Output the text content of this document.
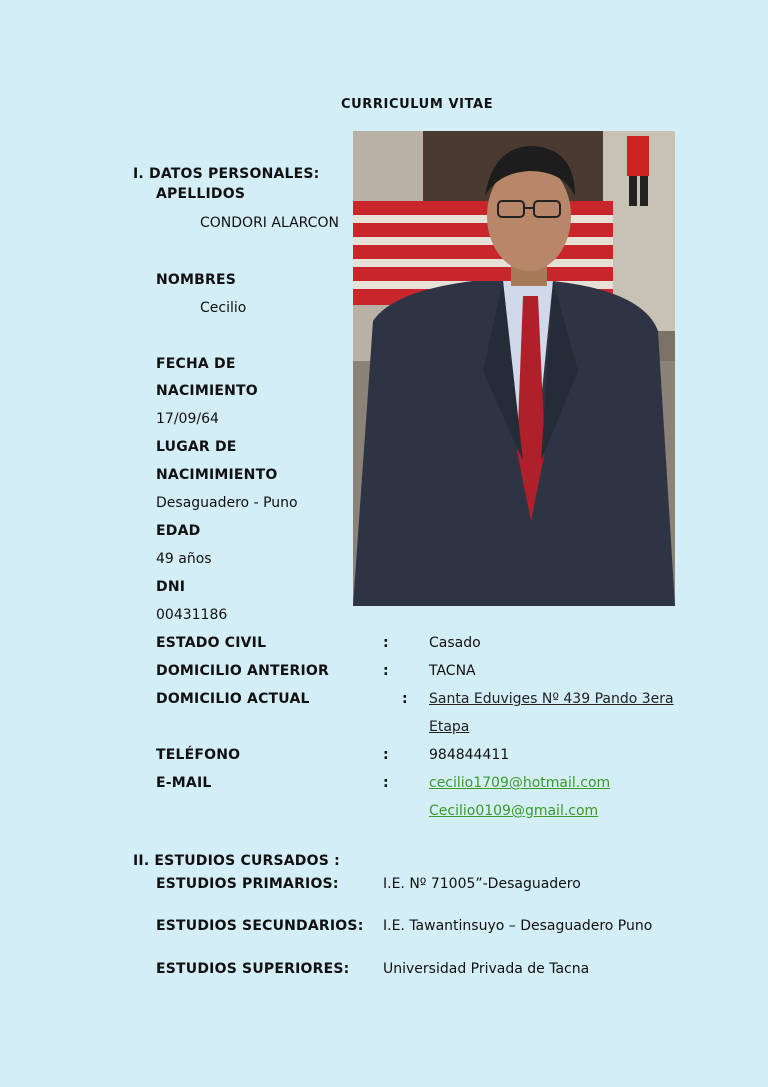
CURRICULUM VITAE
I. DATOS PERSONALES:
APELLIDOS
CONDORI ALARCON
NOMBRES
Cecilio
FECHA DE
NACIMIENTO
17/09/64
LUGAR DE
NACIMIMIENTO
Desaguadero - Puno
EDAD
49 años
DNI
00431186
ESTADO CIVIL	:	Casado
DOMICILIO ANTERIOR	:	TACNA
DOMICILIO ACTUAL	: Santa Eduviges Nº 439 Pando 3era
Etapa
TELÉFONO	:	984844411
E-MAIL	:	cecilio1709@hotmail.com
Cecilio0109@gmail.com
II. ESTUDIOS CURSADOS :
ESTUDIOS PRIMARIOS:	I.E. Nº 71005”-Desaguadero
ESTUDIOS SECUNDARIOS: I.E. Tawantinsuyo – Desaguadero Puno
ESTUDIOS SUPERIORES: Universidad Privada de Tacna
